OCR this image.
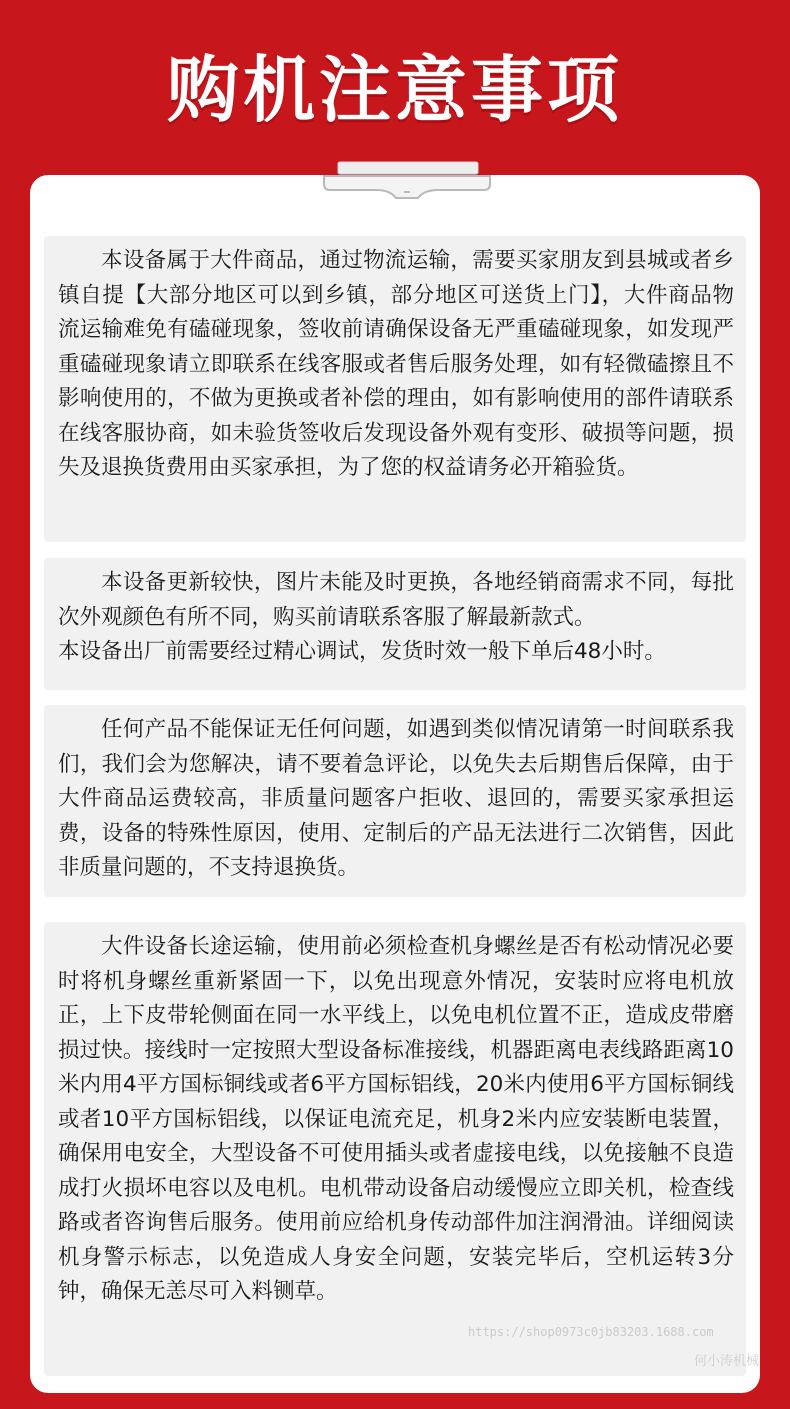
购机注意事项

本设备属于大件商品，通过物流运输，需要买家朋友到县城或者乡镇自提【大部分地区可以到乡镇，部分地区可送货上门】，大件商品物流运输难免有磕碰现象，签收前请确保设备无严重磕碰现象，如发现严重磕碰现象请立即联系在线客服或者售后服务处理，如有轻微磕擦且不影响使用的，不做为更换或者补偿的理由，如有影响使用的部件请联系在线客服协商，如未验货签收后发现设备外观有变形、破损等问题，损失及退换货费用由买家承担，为了您的权益请务必开箱验货。

本设备更新较快，图片未能及时更换，各地经销商需求不同，每批次外观颜色有所不同，购买前请联系客服了解最新款式。

本设备出厂前需要经过精心调试，发货时效一般下单后48小时。

任何产品不能保证无任何问题，如遇到类似情况请第一时间联系我们，我们会为您解决，请不要着急评论，以免失去后期售后保障，由于大件商品运费较高，非质量问题客户拒收、退回的，需要买家承担运费，设备的特殊性原因，使用、定制后的产品无法进行二次销售，因此非质量问题的，不支持退换货。

大件设备长途运输，使用前必须检查机身螺丝是否有松动情况必要时将机身螺丝重新紧固一下，以免出现意外情况，安装时应将电机放正，上下皮带轮侧面在同一水平线上，以免电机位置不正，造成皮带磨损过快。接线时一定按照大型设备标准接线，机器距离电表线路距离10米内用4平方国标铜线或者6平方国标铝线，20米内使用6平方国标铜线或者10平方国标铝线，以保证电流充足，机身2米内应安装断电装置，确保用电安全，大型设备不可使用插头或者虚接电线，以免接触不良造成打火损坏电容以及电机。电机带动设备启动缓慢应立即关机，检查线路或者咨询售后服务。使用前应给机身传动部件加注润滑油。详细阅读机身警示标志，以免造成人身安全问题，安装完毕后，空机运转3分钟，确保无恙尽可入料铡草。

https://shop0973c0jb83203.1688.com
何小涛机械
